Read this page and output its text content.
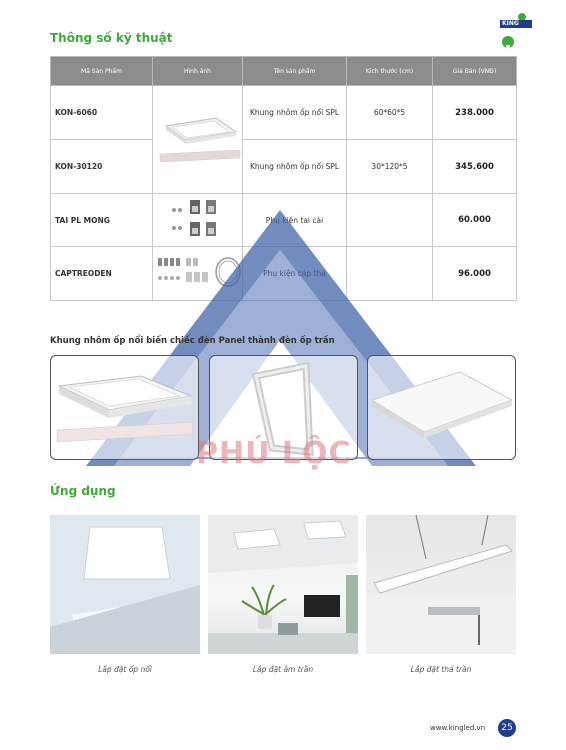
KING
Thông số kỹ thuật
Mã Sản Phẩm	Hình ảnh	Tên sản phẩm	Kích thước (cm)	Giá Bán (VNĐ)
KON-6060		Khung nhôm ốp nổi SPL	60*60*5	238.000
KON-30120		Khung nhôm ốp nổi SPL	30*120*5	345.600
TAI PL MONG		Phụ kiện tai cài		60.000
CAPTREODEN				96.000
Khung nhôm ốp nổi biến chiếc đèn Panel thành đèn ốp trần
PHÚ LỘC
Ứng dụng
Lắp đặt ốp nổi	Lắp đặt âm trần	Lắp đặt thả trần
www.kingled.vn 25
